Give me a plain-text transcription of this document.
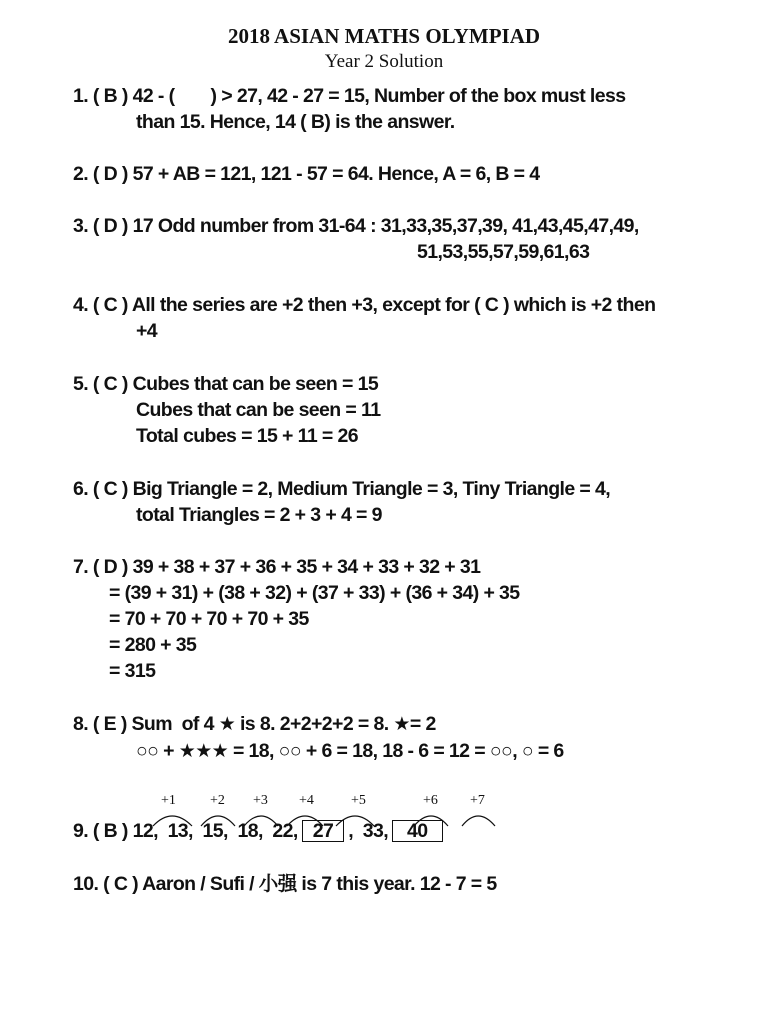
2018 ASIAN MATHS OLYMPIAD
Year 2 Solution
1. ( B ) 42 - ( ) > 27, 42 - 27 = 15, Number of the box must less
than 15. Hence, 14 ( B) is the answer.
2. ( D ) 57 + AB = 121, 121 - 57 = 64. Hence, A = 6, B = 4
3. ( D ) 17 Odd number from 31-64 : 31,33,35,37,39, 41,43,45,47,49,
51,53,55,57,59,61,63
4. ( C ) All the series are +2 then +3, except for ( C ) which is +2 then
+4
5. ( C ) Cubes that can be seen = 15
Cubes that can be seen = 11
Total cubes = 15 + 11 = 26
6. ( C ) Big Triangle = 2, Medium Triangle = 3, Tiny Triangle = 4,
total Triangles = 2 + 3 + 4 = 9
7. ( D ) 39 + 38 + 37 + 36 + 35 + 34 + 33 + 32 + 31
= (39 + 31) + (38 + 32) + (37 + 33) + (36 + 34) + 35
= 70 + 70 + 70 + 70 + 35
= 280 + 35
= 315
8. ( E ) Sum  of 4 ★ is 8. 2+2+2+2 = 8. ★= 2
○○ + ★★★ = 18, ○○ + 6 = 18, 18 - 6 = 12 = ○○, ○ = 6
+1 +2 +3 +4	+5	+6 +7
9. ( B ) 12, 13, 15, 18, 22, 27 , 33, 40
10. ( C ) Aaron / Sufi / 小强 is 7 this year. 12 - 7 = 5
